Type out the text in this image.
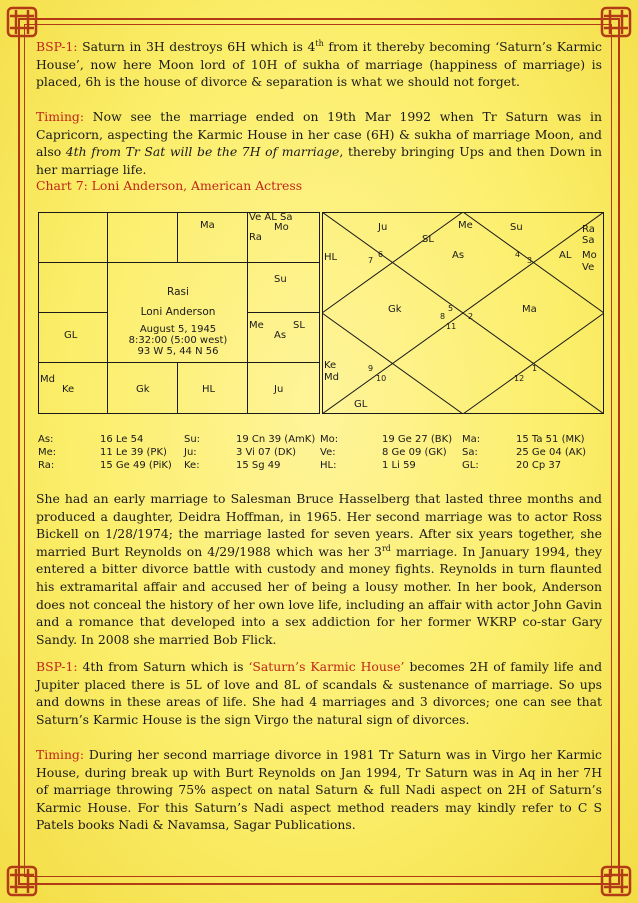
BSP-1: Saturn in 3H destroys 6H which is 4th from it thereby becoming ‘Saturn’s Karmic House’, now here Moon lord of 10H of sukha of marriage (happiness of marriage) is placed, 6h is the house of divorce & separation is what we should not forget.

Timing: Now see the marriage ended on 19th Mar 1992 when Tr Saturn was in Capricorn, aspecting the Karmic House in her case (6H) & sukha of marriage Moon, and also 4th from Tr Sat will be the 7H of marriage, thereby bringing Ups and then Down in her marriage life.

Chart 7: Loni Anderson, American Actress
Ma
Ve AL Sa
Mo
Ra
Su
Me	SL
As
GL
Md
Ke	Gk	HL	Ju
Rasi
Loni Anderson
August 5, 1945
8:32:00 (5:00 west)
93 W 5, 44 N 56
Ju	Me
SL
Su	Ra
Sa
HL	As	AL Mo
Ve
Gk	Ma
Ke
Md
GL
7
6	4
3
8
5
2
11
9
10	12
1
As:	16 Le 54	Su:	19 Cn 39 (AmK) Mo:	19 Ge 27 (BK) Ma:	15 Ta 51 (MK)
Me:	11 Le 39 (PK) Ju:	3 Vi 07 (DK) Ve:	8 Ge 09 (GK) Sa:	25 Ge 04 (AK)
Ra:	15 Ge 49 (PiK) Ke:	15 Sg 49	HL:	1 Li 59	GL:	20 Cp 37

She had an early marriage to Salesman Bruce Hasselberg that lasted three months and produced a daughter, Deidra Hoffman, in 1965. Her second marriage was to actor Ross Bickell on 1/28/1974; the marriage lasted for seven years. After six years together, she married Burt Reynolds on 4/29/1988 which was her 3rd marriage. In January 1994, they entered a bitter divorce battle with custody and money fights. Reynolds in turn flaunted his extramarital affair and accused her of being a lousy mother. In her book, Anderson does not conceal the history of her own love life, including an affair with actor John Gavin and a romance that developed into a sex addiction for her former WKRP co-star Gary Sandy. In 2008 she married Bob Flick.

BSP-1: 4th from Saturn which is ‘Saturn’s Karmic House’ becomes 2H of family life and Jupiter placed there is 5L of love and 8L of scandals & sustenance of marriage. So ups and downs in these areas of life. She had 4 marriages and 3 divorces; one can see that Saturn’s Karmic House is the sign Virgo the natural sign of divorces.

Timing: During her second marriage divorce in 1981 Tr Saturn was in Virgo her Karmic House, during break up with Burt Reynolds on Jan 1994, Tr Saturn was in Aq in her 7H of marriage throwing 75% aspect on natal Saturn & full Nadi aspect on 2H of Saturn’s Karmic House. For this Saturn’s Nadi aspect method readers may kindly refer to C S Patels books Nadi & Navamsa, Sagar Publications.
